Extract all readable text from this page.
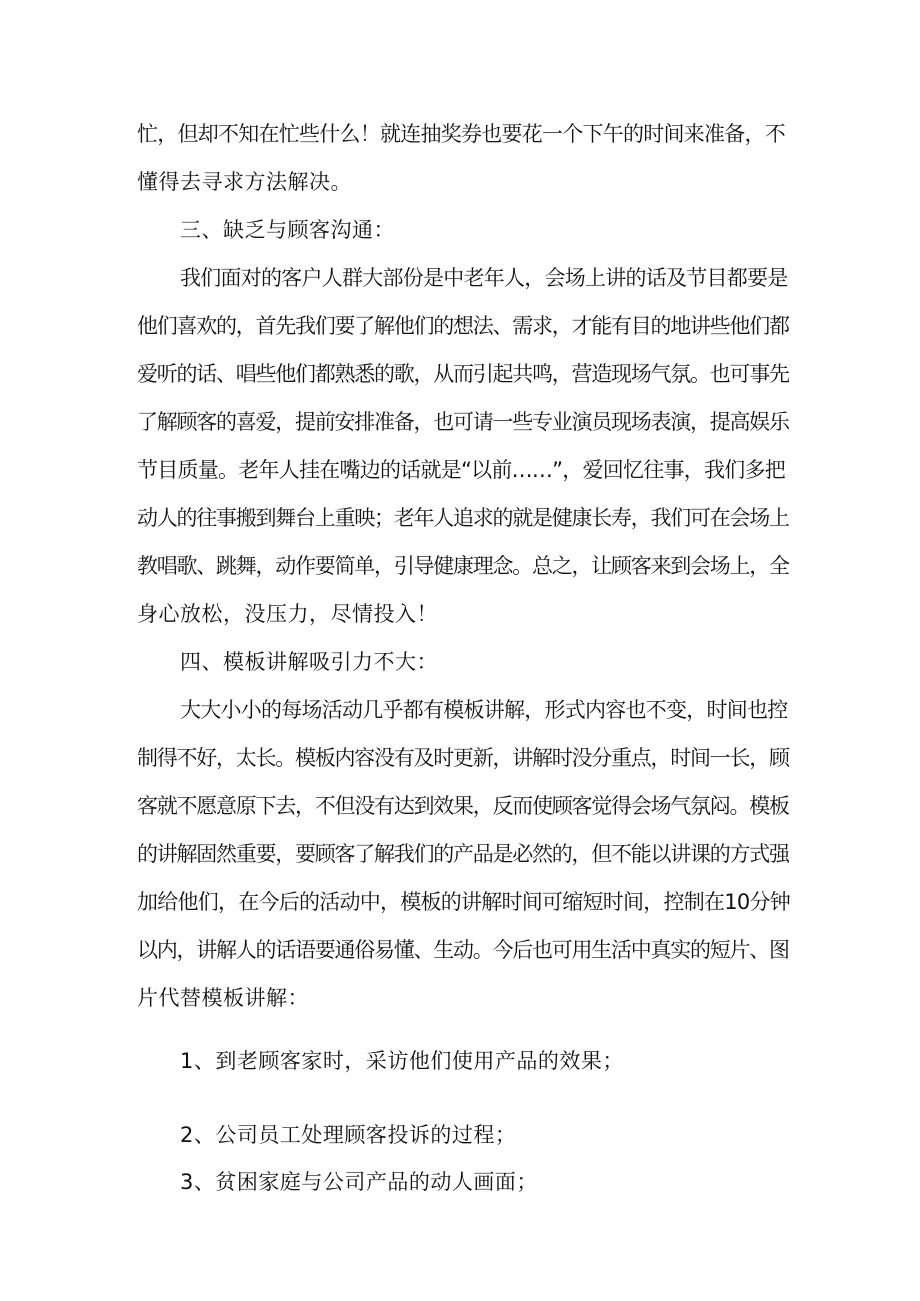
忙，但却不知在忙些什么！就连抽奖券也要花一个下午的时间来准备，不
懂得去寻求方法解决。
三、缺乏与顾客沟通：
我们面对的客户人群大部份是中老年人，会场上讲的话及节目都要是
他们喜欢的，首先我们要了解他们的想法、需求，才能有目的地讲些他们都
爱听的话、唱些他们都熟悉的歌，从而引起共鸣，营造现场气氛。也可事先
了解顾客的喜爱，提前安排准备，也可请一些专业演员现场表演，提高娱乐
节目质量。老年人挂在嘴边的话就是“以前……”，爱回忆往事，我们多把
动人的往事搬到舞台上重映；老年人追求的就是健康长寿，我们可在会场上
教唱歌、跳舞，动作要简单，引导健康理念。总之，让顾客来到会场上，全
身心放松，没压力，尽情投入！
四、模板讲解吸引力不大：
大大小小的每场活动几乎都有模板讲解，形式内容也不变，时间也控
制得不好，太长。模板内容没有及时更新，讲解时没分重点，时间一长，顾
客就不愿意原下去，不但没有达到效果，反而使顾客觉得会场气氛闷。模板
的讲解固然重要，要顾客了解我们的产品是必然的，但不能以讲课的方式强
加给他们，在今后的活动中，模板的讲解时间可缩短时间，控制在10分钟
以内，讲解人的话语要通俗易懂、生动。今后也可用生活中真实的短片、图
片代替模板讲解：
1、到老顾客家时，采访他们使用产品的效果；
2、公司员工处理顾客投诉的过程；
3、贫困家庭与公司产品的动人画面；
